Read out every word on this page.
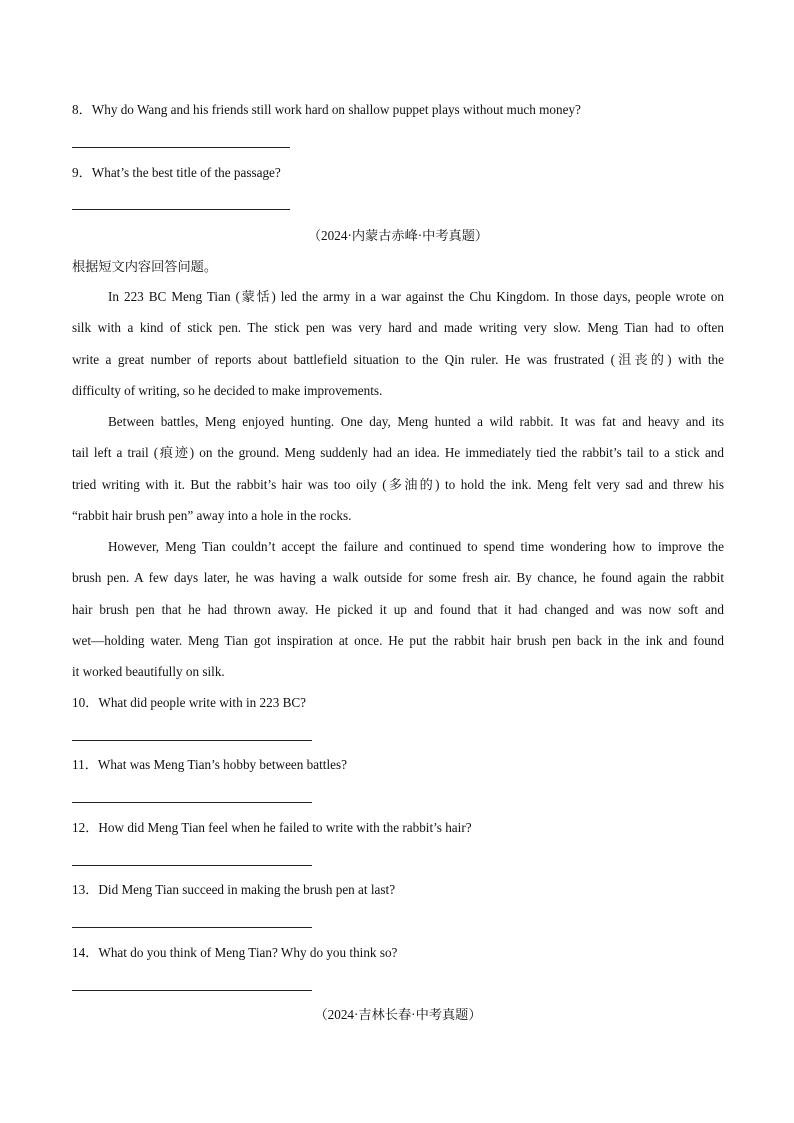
8．Why do Wang and his friends still work hard on shallow puppet plays without much money?
9．What’s the best title of the passage?
（2024·内蒙古赤峰·中考真题）
根据短文内容回答问题。
In 223 BC Meng Tian (蒙恬) led the army in a war against the Chu Kingdom. In those days, people wrote on
silk with a kind of stick pen. The stick pen was very hard and made writing very slow. Meng Tian had to often
write a great number of reports about battlefield situation to the Qin ruler. He was frustrated (沮丧的) with the
difficulty of writing, so he decided to make improvements.
Between battles, Meng enjoyed hunting. One day, Meng hunted a wild rabbit. It was fat and heavy and its
tail left a trail (痕迹) on the ground. Meng suddenly had an idea. He immediately tied the rabbit’s tail to a stick and
tried writing with it. But the rabbit’s hair was too oily (多油的) to hold the ink. Meng felt very sad and threw his
“rabbit hair brush pen” away into a hole in the rocks.
However, Meng Tian couldn’t accept the failure and continued to spend time wondering how to improve the
brush pen. A few days later, he was having a walk outside for some fresh air. By chance, he found again the rabbit
hair brush pen that he had thrown away. He picked it up and found that it had changed and was now soft and
wet—holding water. Meng Tian got inspiration at once. He put the rabbit hair brush pen back in the ink and found
it worked beautifully on silk.
10．What did people write with in 223 BC?
11．What was Meng Tian’s hobby between battles?
12．How did Meng Tian feel when he failed to write with the rabbit’s hair?
13．Did Meng Tian succeed in making the brush pen at last?
14．What do you think of Meng Tian? Why do you think so?
（2024·吉林长春·中考真题）
